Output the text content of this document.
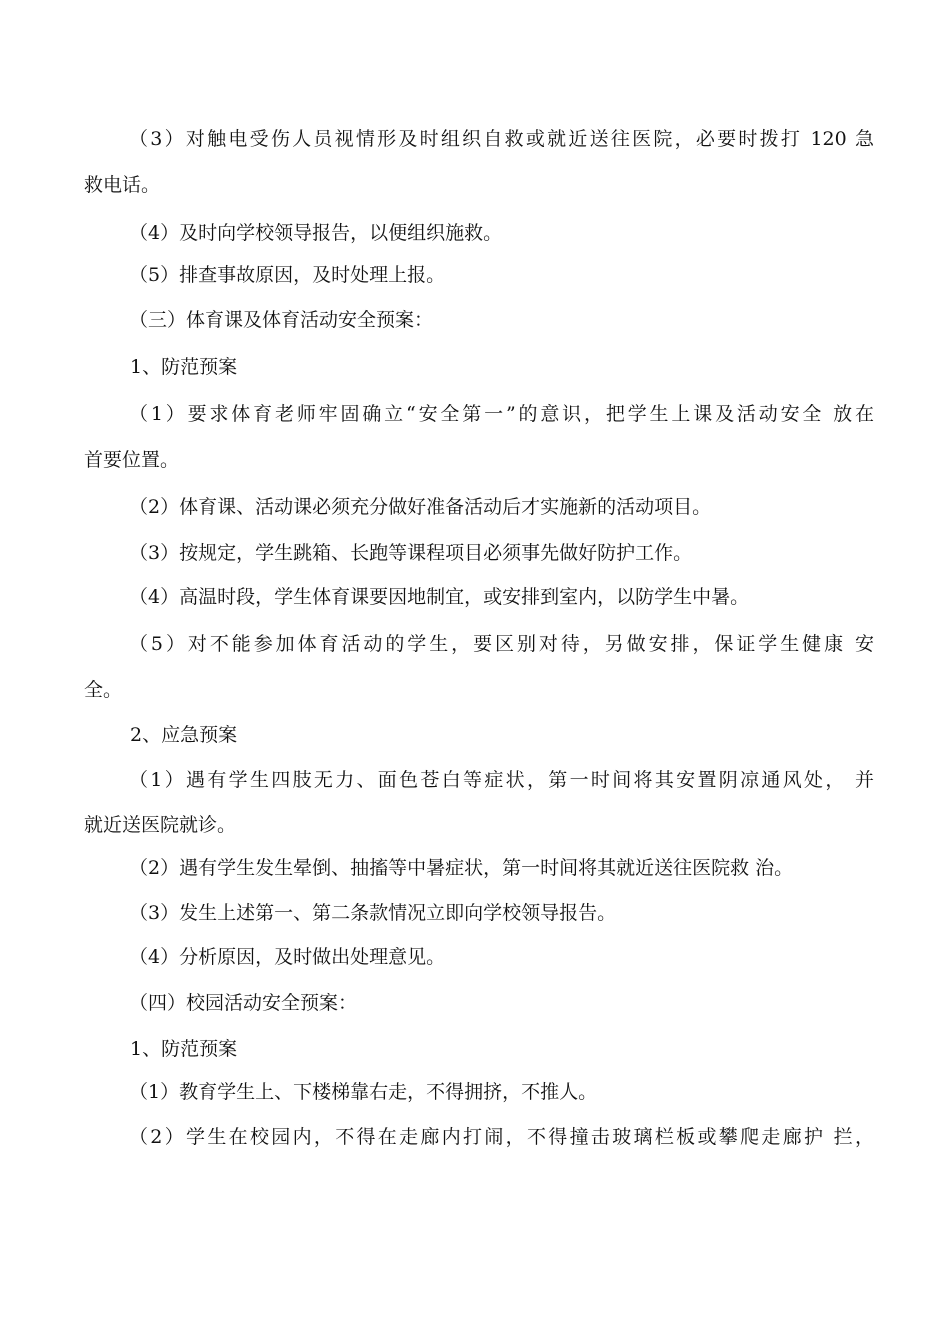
（3）对触电受伤人员视情形及时组织自救或就近送往医院，必要时拨打 120 急
救电话。
（4）及时向学校领导报告，以便组织施救。
（5）排查事故原因，及时处理上报。
（三）体育课及体育活动安全预案：
1、防范预案
（1）要求体育老师牢固确立“安全第一”的意识，把学生上课及活动安全 放在
首要位置。
（2）体育课、活动课必须充分做好准备活动后才实施新的活动项目。
（3）按规定，学生跳箱、长跑等课程项目必须事先做好防护工作。
（4）高温时段，学生体育课要因地制宜，或安排到室内，以防学生中暑。
（5）对不能参加体育活动的学生，要区别对待，另做安排，保证学生健康 安
全。
2、应急预案
（1）遇有学生四肢无力、面色苍白等症状，第一时间将其安置阴凉通风处， 并
就近送医院就诊。
（2）遇有学生发生晕倒、抽搐等中暑症状，第一时间将其就近送往医院救 治。
（3）发生上述第一、第二条款情况立即向学校领导报告。
（4）分析原因，及时做出处理意见。
（四）校园活动安全预案：
1、防范预案
（1）教育学生上、下楼梯靠右走，不得拥挤，不推人。
（2）学生在校园内，不得在走廊内打闹，不得撞击玻璃栏板或攀爬走廊护 拦，
